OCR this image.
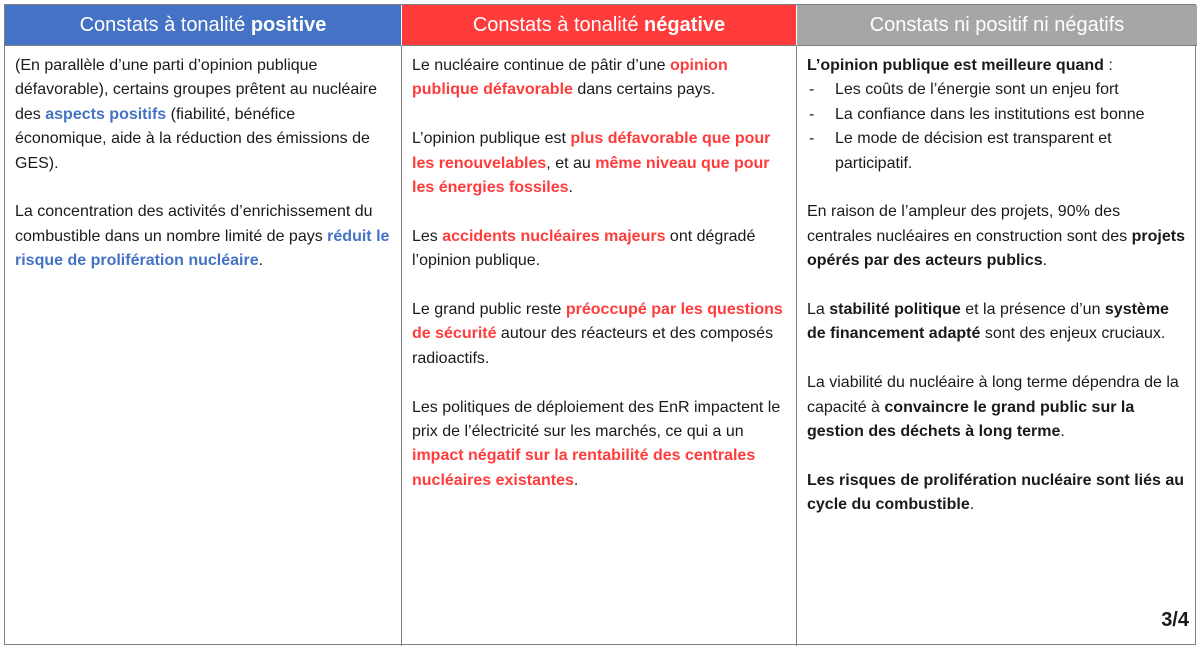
Constats à tonalité positive	Constats à tonalité négative	Constats ni positif ni négatifs

(En parallèle d’une parti d’opinion publique défavorable), certains groupes prêtent au nucléaire des aspects positifs (fiabilité, bénéfice économique, aide à la réduction des émissions de GES).

La concentration des activités d’enrichissement du combustible dans un nombre limité de pays réduit le risque de prolifération nucléaire.

Le nucléaire continue de pâtir d’une opinion publique défavorable dans certains pays.

L’opinion publique est plus défavorable que pour les renouvelables, et au même niveau que pour les énergies fossiles.

Les accidents nucléaires majeurs ont dégradé l’opinion publique.

Le grand public reste préoccupé par les questions de sécurité autour des réacteurs et des composés radioactifs.

Les politiques de déploiement des EnR impactent le prix de l’électricité sur les marchés, ce qui a un impact négatif sur la rentabilité des centrales nucléaires existantes.

L’opinion publique est meilleure quand :
- Les coûts de l’énergie sont un enjeu fort
- La confiance dans les institutions est bonne
- Le mode de décision est transparent et participatif.

En raison de l’ampleur des projets, 90% des centrales nucléaires en construction sont des projets opérés par des acteurs publics.

La stabilité politique et la présence d’un système de financement adapté sont des enjeux cruciaux.

La viabilité du nucléaire à long terme dépendra de la capacité à convaincre le grand public sur la gestion des déchets à long terme.

Les risques de prolifération nucléaire sont liés au cycle du combustible.

3/4
